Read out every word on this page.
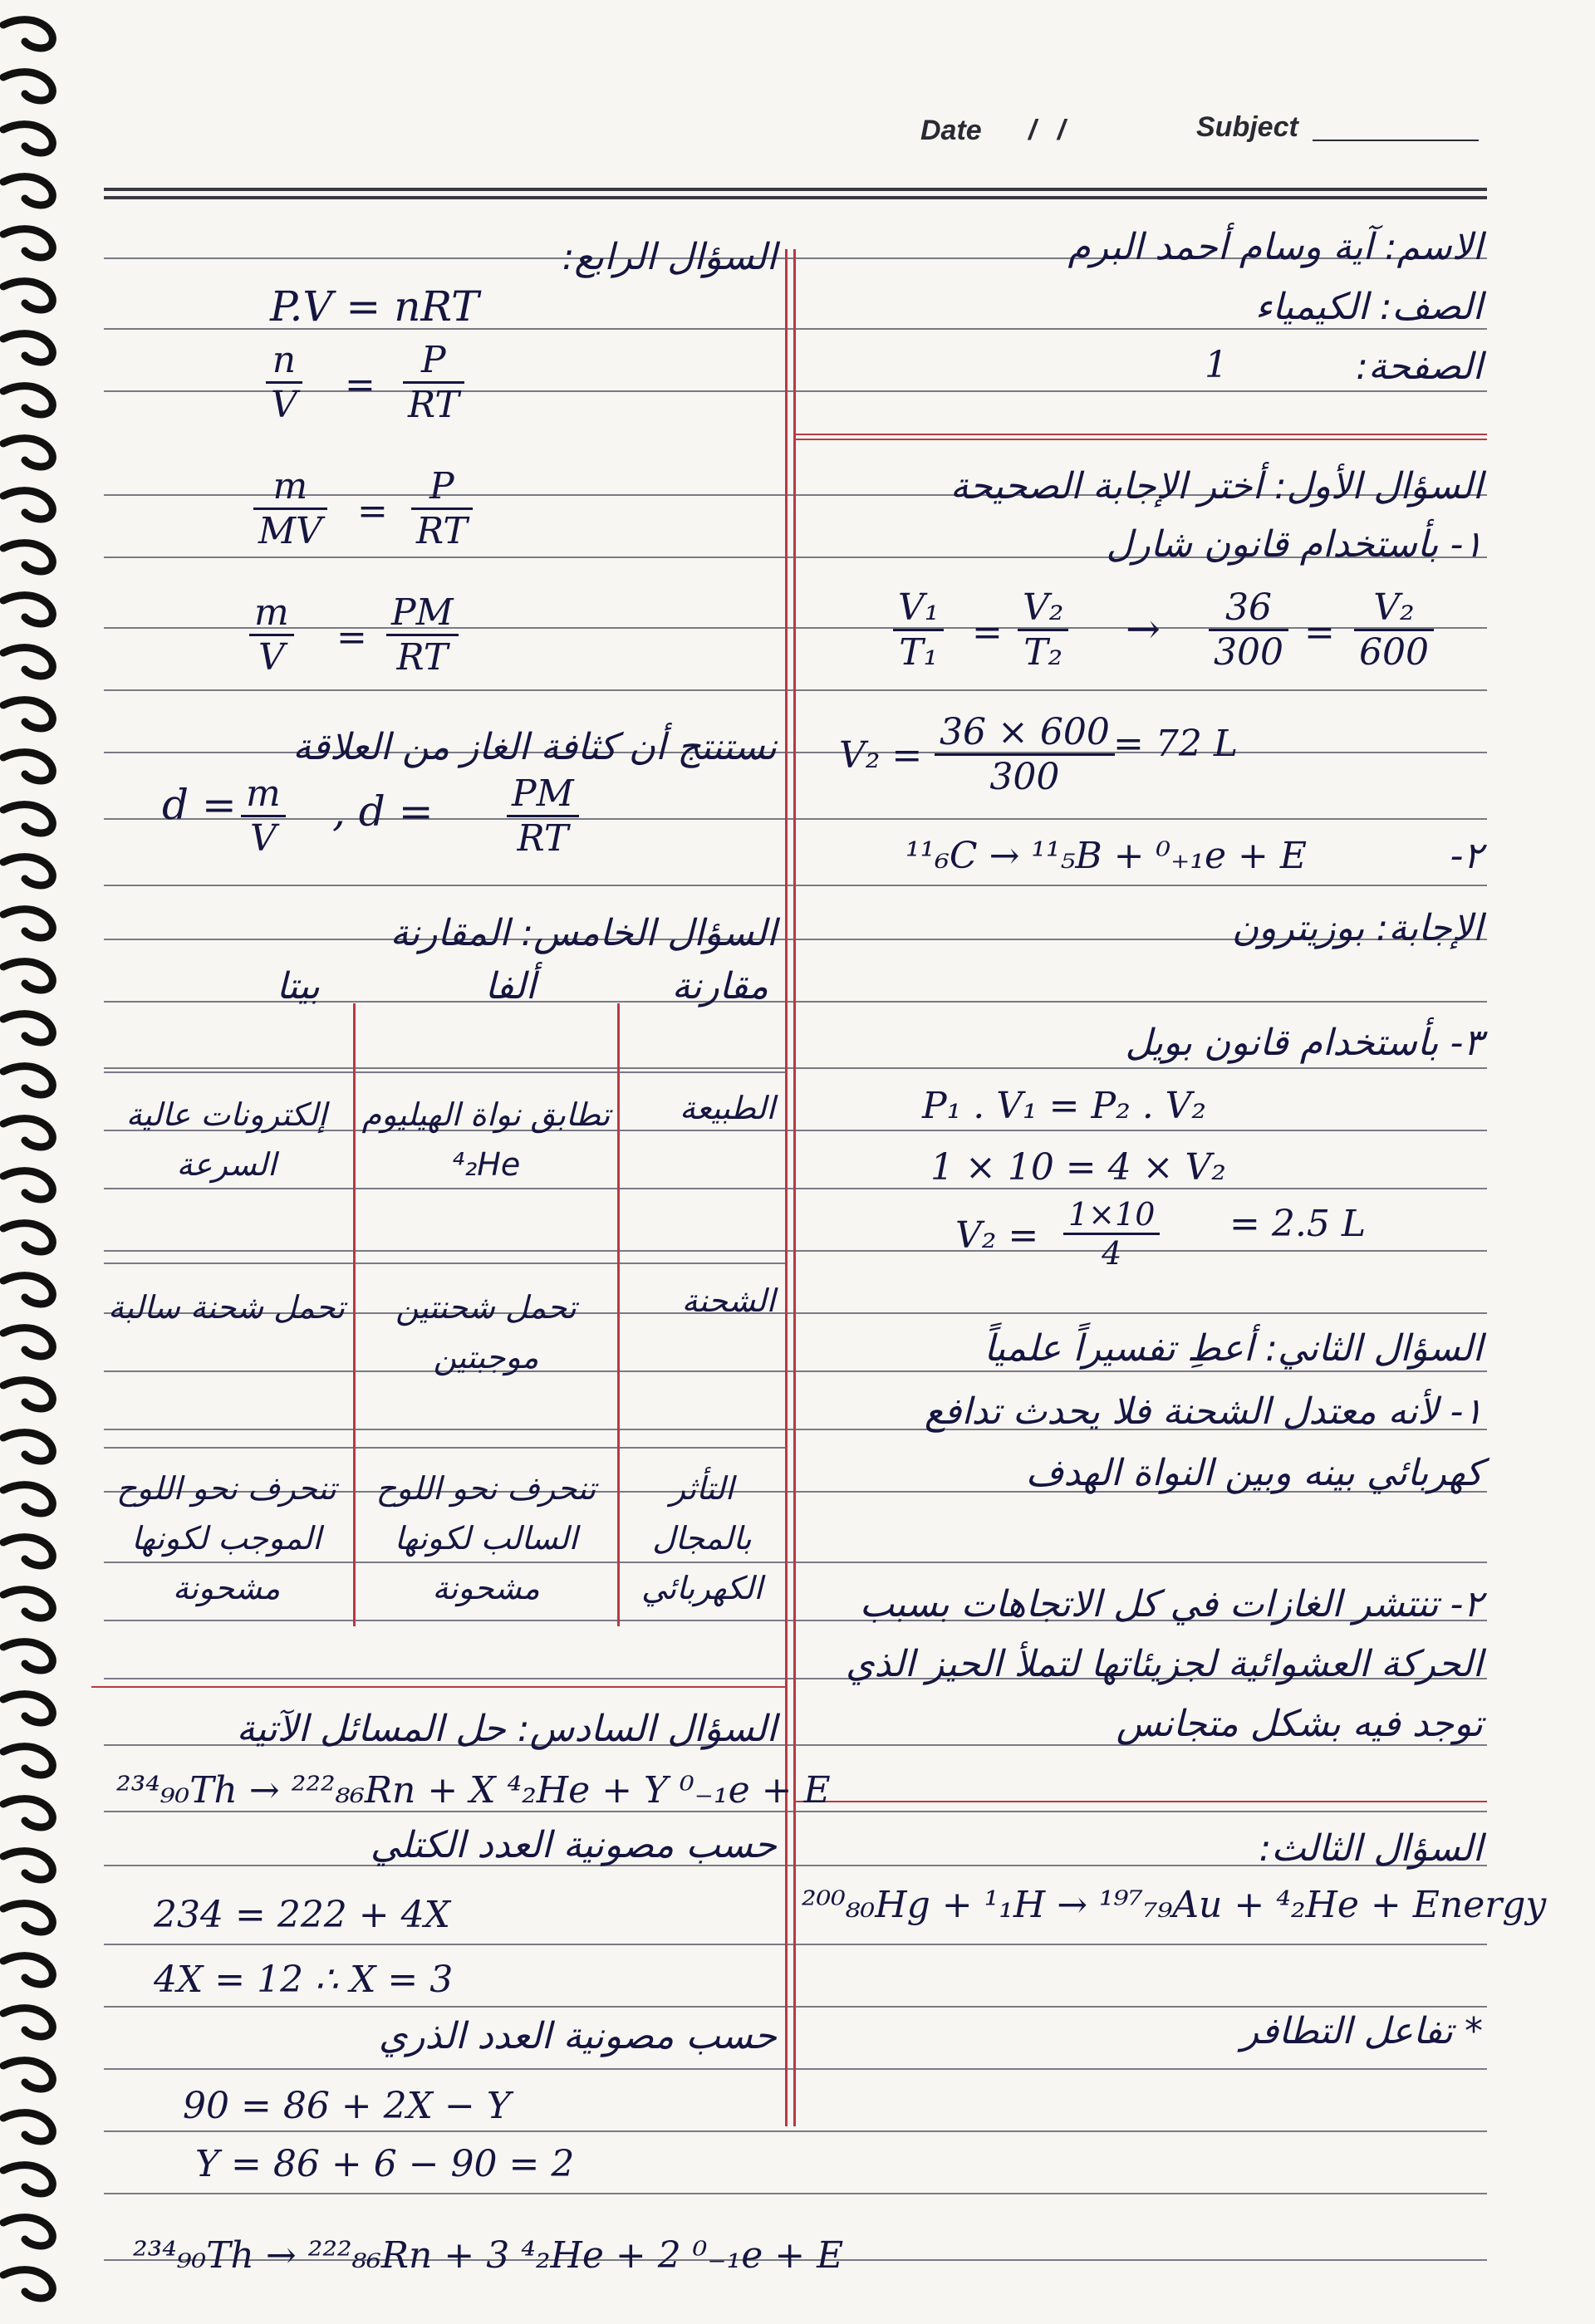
Date / /	Subject
الاسم: آية وسام أحمد البرم
الصف: الكيمياء
الصفحة:
1
السؤال الأول: أختر الإجابة الصحيحة
١- بأستخدام قانون شارل
$\frac{\text{V₁}}{\text{T₁}} = \frac{\text{V₂}}{\text{T₂}} \to \frac{36}{300} = \frac{\text{V₂}}{600}$
$V_2 = \frac{36 \times 600}{300}$
= 72 L
¹¹₆C → ¹¹₅B + ⁰₊₁e + E	٢-
الإجابة: بوزيترون
٣- بأستخدام قانون بويل
P₁ . V₁ = P₂ . V₂
1 × 10 = 4 × V₂
$V_2 = \frac{1\times 10}{4} = 2.5$ L
السؤال الثاني: أعطِ تفسيراً علمياً
١- لأنه معتدل الشحنة فلا يحدث تدافع
كهربائي بينه وبين النواة الهدف
٢- تنتشر الغازات في كل الاتجاهات بسبب
الحركة العشوائية لجزيئاتها لتملأ الحيز الذي
توجد فيه بشكل متجانس
السؤال الثالث:
²⁰⁰₈₀Hg + ¹₁H → ¹⁹⁷₇₉Au + ⁴₂He + Energy
* تفاعل التطافر
السؤال الرابع:
P.V = nRT
$\frac{n}{V} = \frac{P}{RT}$
$\frac{m}{MV} = \frac{P}{RT}$
$\frac{m}{V} = \frac{PM}{RT}$
نستنتج أن كثافة الغاز من العلاقة
$d = \frac{m}{V}$ , $d = \frac{PM}{RT}$
السؤال الخامس: المقارنة
مقارنة
ألفا
بيتا
الطبيعة
تطابق نواة الهيليوم ⁴₂He
إلكترونات عالية السرعة
الشحنة
تحمل شحنتين موجبتين
تحمل شحنة سالبة
التأثر بالمجال الكهربائي
تنحرف نحو اللوح السالب لكونها مشحونة
تنحرف نحو اللوح الموجب لكونها مشحونة
السؤال السادس: حل المسائل الآتية
²³⁴₉₀Th → ²²²₈₆Rn + X ⁴₂He + Y ⁰₋₁e + E
حسب مصونية العدد الكتلي
234 = 222 + 4X
4X = 12 ∴ X = 3
حسب مصونية العدد الذري
90 = 86 + 2X − Y
Y = 86 + 6 − 90 = 2
²³⁴₉₀Th → ²²²₈₆Rn + 3 ⁴₂He + 2 ⁰₋₁e + E
